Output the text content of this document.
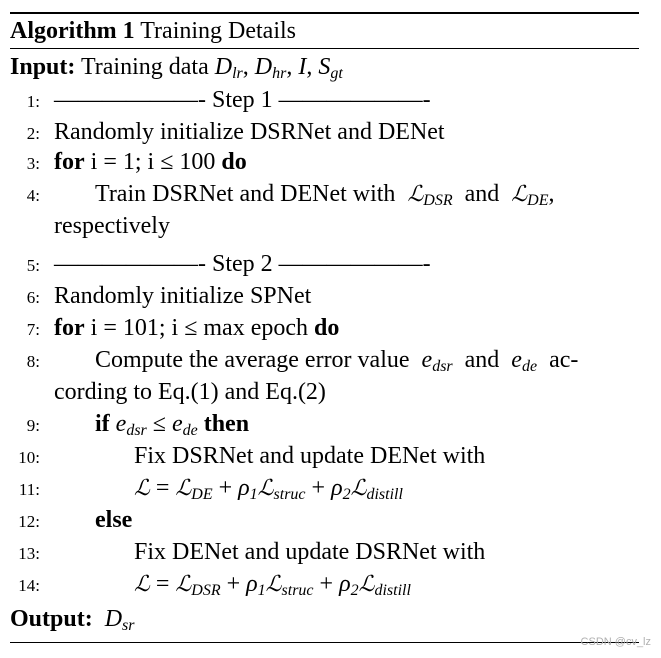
Algorithm 1 Training Details
Input: Training data $D_{lr}$, $D_{hr}$, I, $S_{gt}$
1: ——————- Step 1 ——————-
2: Randomly initialize DSRNet and DENet
3: for i = 1; i ≤ 100 do
4: Train DSRNet and DENet with ℒ$_{DSR}$ and ℒ$_{DE}$,
respectively
5: ——————- Step 2 ——————-
6: Randomly initialize SPNet
7: for i = 101; i ≤ max epoch do
8: Compute the average error value $e_{dsr}$ and $e_{de}$ ac-
cording to Eq.(1) and Eq.(2)
9: if $e_{dsr} \le e_{de}$ then
10:	Fix DSRNet and update DENet with
11:	ℒ = ℒ$_{DE}$ + $\rho_1ℒ_{struc}$ + $\rho_2ℒ_{distill}$
12: else
13:	Fix DENet and update DSRNet with
14:	ℒ = ℒ$_{DSR}$ + $\rho_1ℒ_{struc}$ + $\rho_2ℒ_{distill}$
Output: $D_{sr}$
CSDN @cv_lz
